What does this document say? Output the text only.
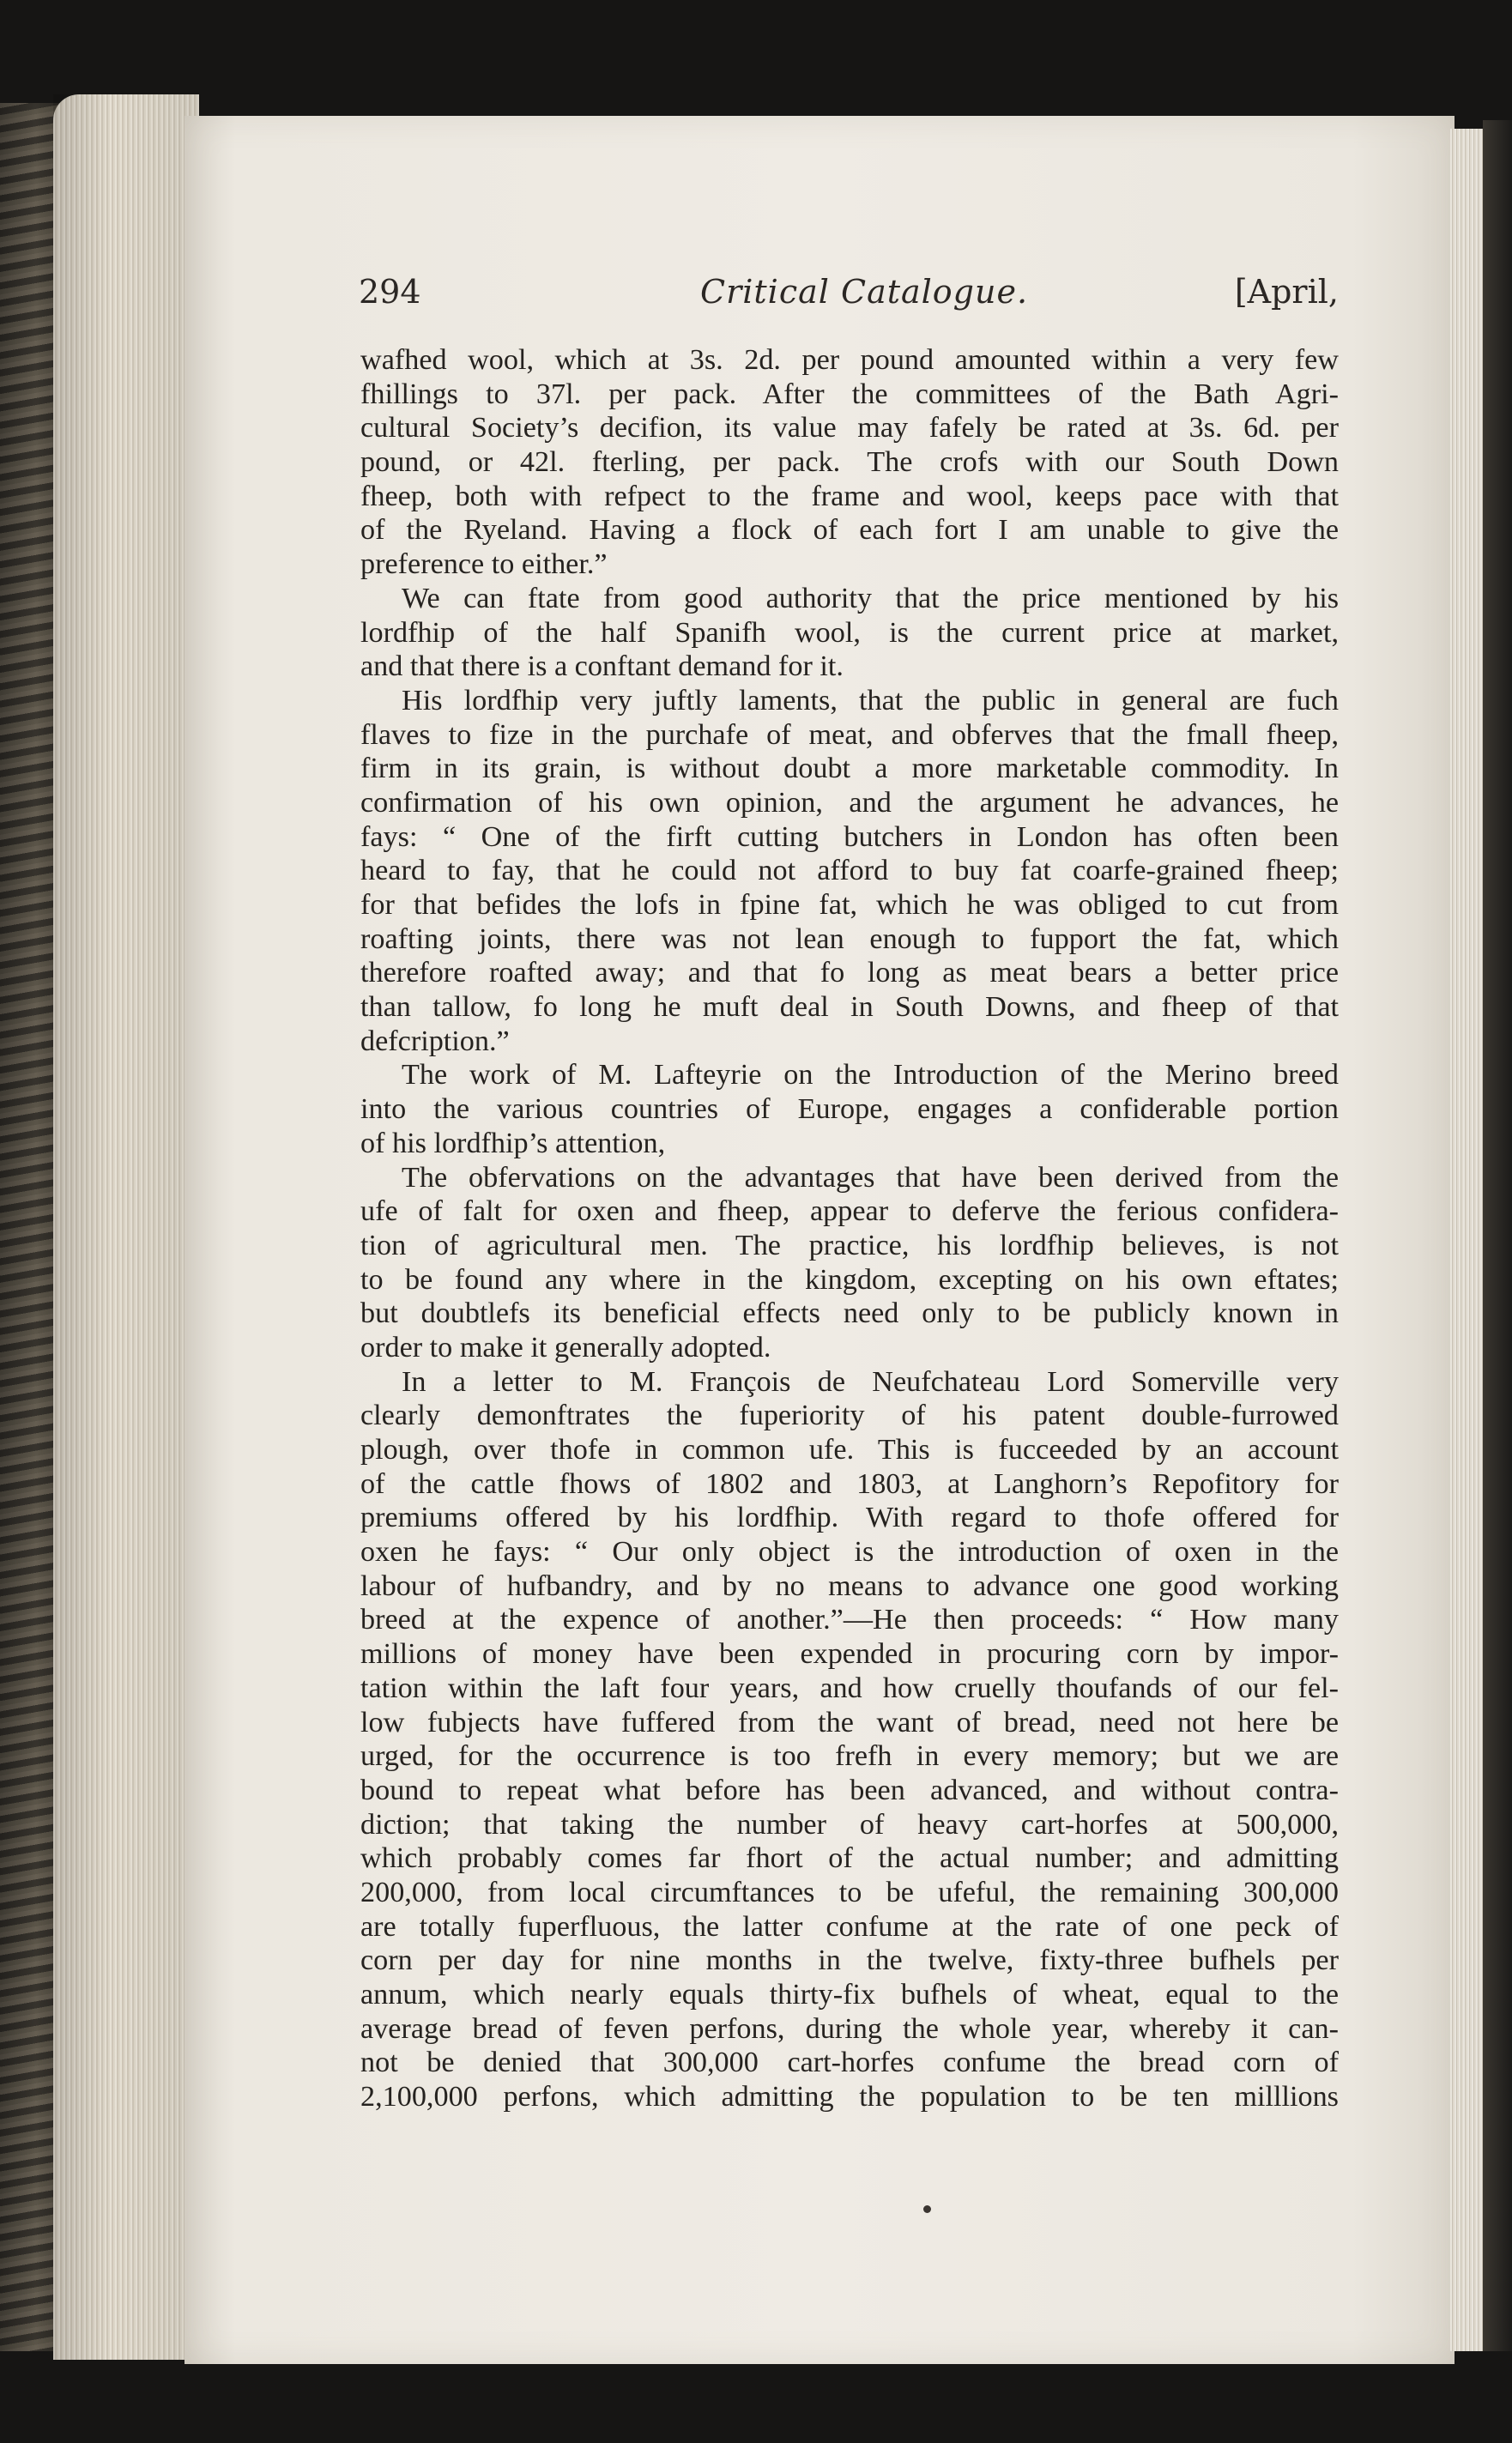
294	Critical Catalogue.	[April,
wafhed wool, which at 3s. 2d. per pound amounted within a very few
fhillings to 37l. per pack. After the committees of the Bath Agri-
cultural Society’s decifion, its value may fafely be rated at 3s. 6d. per
pound, or 42l. fterling, per pack. The crofs with our South Down
fheep, both with refpect to the frame and wool, keeps pace with that
of the Ryeland. Having a flock of each fort I am unable to give the
preference to either.”
We can ftate from good authority that the price mentioned by his
lordfhip of the half Spanifh wool, is the current price at market,
and that there is a conftant demand for it.
His lordfhip very juftly laments, that the public in general are fuch
flaves to fize in the purchafe of meat, and obferves that the fmall fheep,
firm in its grain, is without doubt a more marketable commodity. In
confirmation of his own opinion, and the argument he advances, he
fays: “ One of the firft cutting butchers in London has often been
heard to fay, that he could not afford to buy fat coarfe-grained fheep;
for that befides the lofs in fpine fat, which he was obliged to cut from
roafting joints, there was not lean enough to fupport the fat, which
therefore roafted away; and that fo long as meat bears a better price
than tallow, fo long he muft deal in South Downs, and fheep of that
defcription.”
The work of M. Lafteyrie on the Introduction of the Merino breed
into the various countries of Europe, engages a confiderable portion
of his lordfhip’s attention,
The obfervations on the advantages that have been derived from the
ufe of falt for oxen and fheep, appear to deferve the ferious confidera-
tion of agricultural men. The practice, his lordfhip believes, is not
to be found any where in the kingdom, excepting on his own eftates;
but doubtlefs its beneficial effects need only to be publicly known in
order to make it generally adopted.
In a letter to M. François de Neufchateau Lord Somerville very
clearly demonftrates the fuperiority of his patent double-furrowed
plough, over thofe in common ufe. This is fucceeded by an account
of the cattle fhows of 1802 and 1803, at Langhorn’s Repofitory for
premiums offered by his lordfhip. With regard to thofe offered for
oxen he fays: “ Our only object is the introduction of oxen in the
labour of hufbandry, and by no means to advance one good working
breed at the expence of another.”—He then proceeds: “ How many
millions of money have been expended in procuring corn by impor-
tation within the laft four years, and how cruelly thoufands of our fel-
low fubjects have fuffered from the want of bread, need not here be
urged, for the occurrence is too frefh in every memory; but we are
bound to repeat what before has been advanced, and without contra-
diction; that taking the number of heavy cart-horfes at 500,000,
which probably comes far fhort of the actual number; and admitting
200,000, from local circumftances to be ufeful, the remaining 300,000
are totally fuperfluous, the latter confume at the rate of one peck of
corn per day for nine months in the twelve, fixty-three bufhels per
annum, which nearly equals thirty-fix bufhels of wheat, equal to the
average bread of feven perfons, during the whole year, whereby it can-
not be denied that 300,000 cart-horfes confume the bread corn of
2,100,000 perfons, which admitting the population to be ten milllions
